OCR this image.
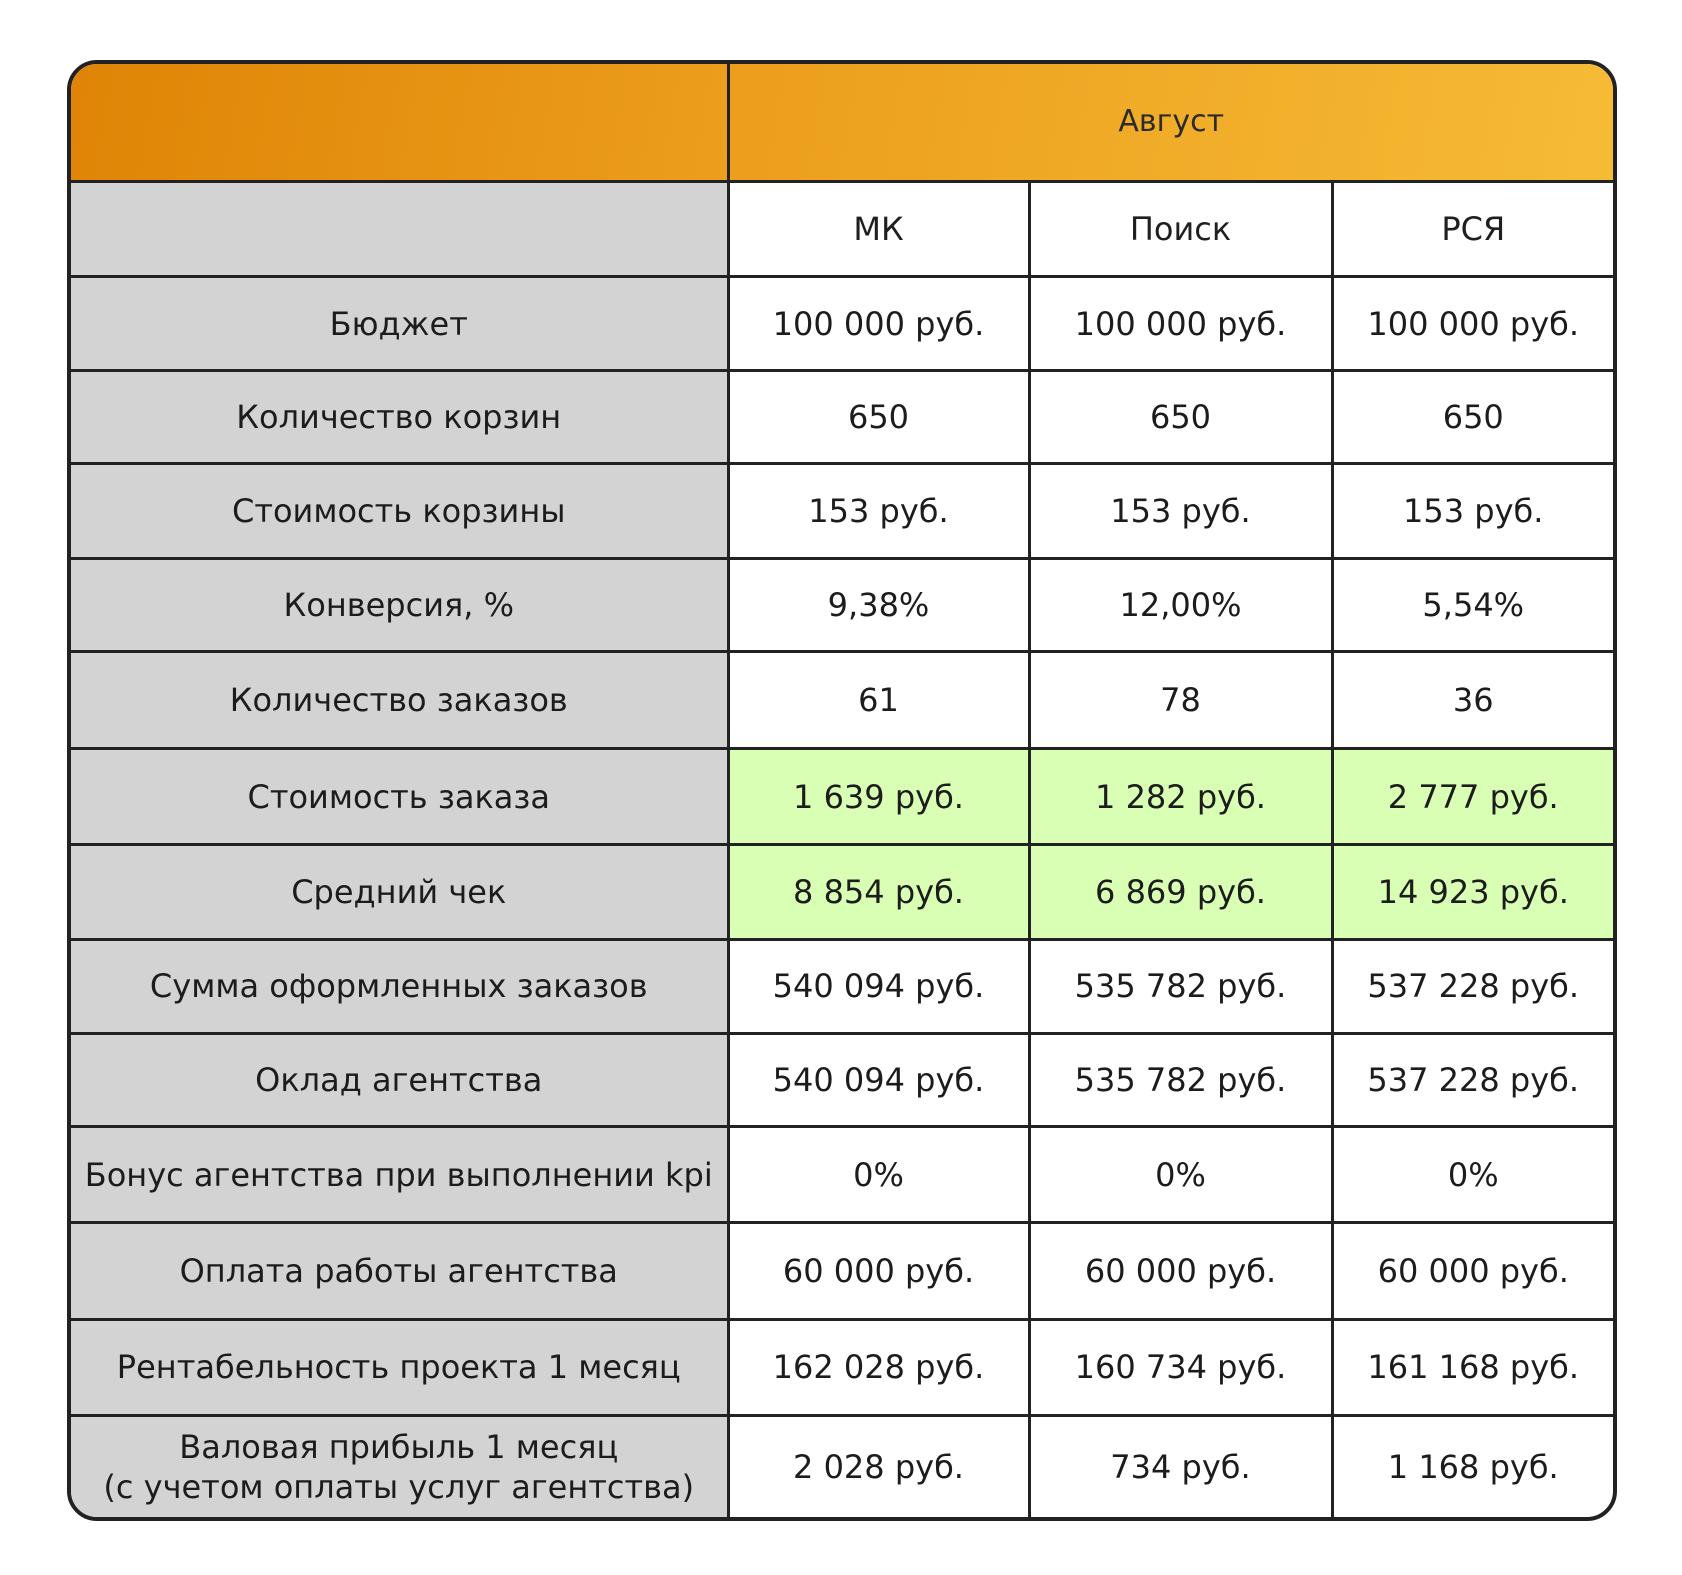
	Август		
	МК	Поиск	РСЯ
Бюджет	100 000 руб.	100 000 руб.	100 000 руб.
Количество корзин	650	650	650
Стоимость корзины	153 руб.	153 руб.	153 руб.
Конверсия, %	9,38%	12,00%	5,54%
Количество заказов	61	78	36
Стоимость заказа	1 639 руб.	1 282 руб.	2 777 руб.
Средний чек	8 854 руб.	6 869 руб.	14 923 руб.
Сумма оформленных заказов	540 094 руб.	535 782 руб.	537 228 руб.
Оклад агентства	540 094 руб.	535 782 руб.	537 228 руб.
Бонус агентства при выполнении kpi	0%	0%	0%
Оплата работы агентства	60 000 руб.	60 000 руб.	60 000 руб.
Рентабельность проекта 1 месяц	162 028 руб.	160 734 руб.	161 168 руб.
Валовая прибыль 1 месяц
(с учетом оплаты услуг агентства)	2 028 руб.	734 руб.	1 168 руб.
